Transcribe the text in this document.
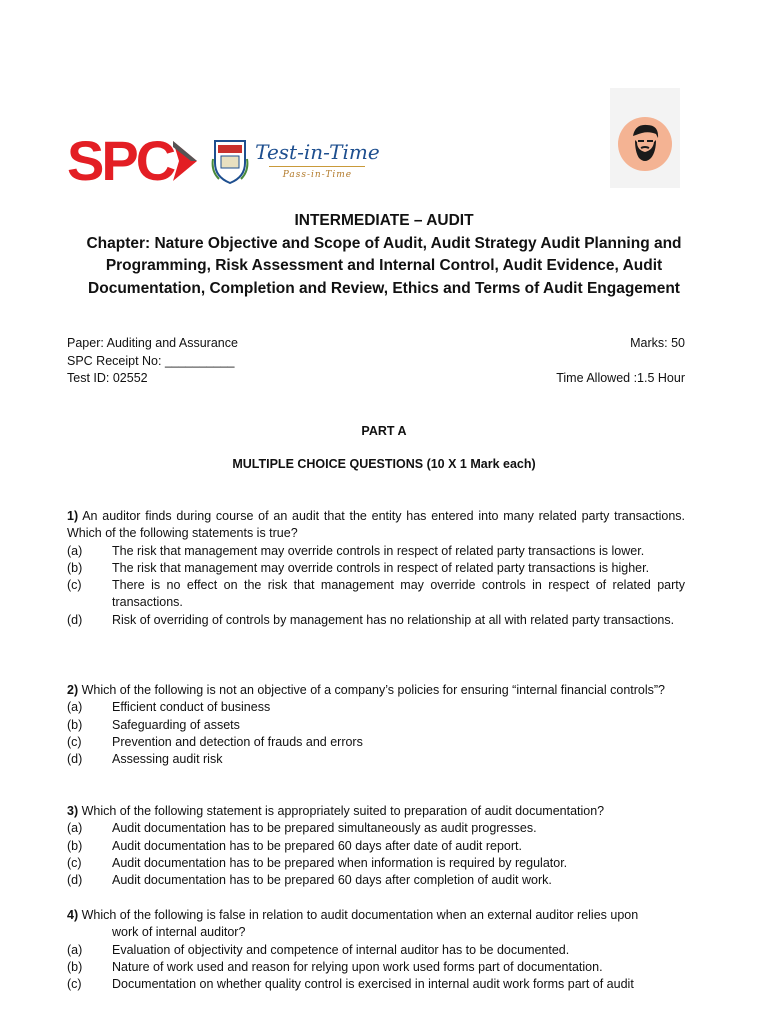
SPC	Test-in-Time
Pass-in-Time
INTERMEDIATE – AUDIT
Chapter: Nature Objective and Scope of Audit, Audit Strategy Audit Planning and Programming, Risk Assessment and Internal Control, Audit Evidence, Audit Documentation, Completion and Review, Ethics and Terms of Audit Engagement
Paper: Auditing and Assurance	Marks: 50
SPC Receipt No: __________
Test ID: 02552	Time Allowed :1.5 Hour
PART A
MULTIPLE CHOICE QUESTIONS (10 X 1 Mark each)
1) An auditor finds during course of an audit that the entity has entered into many related party transactions. Which of the following statements is true?
(a)	The risk that management may override controls in respect of related party transactions is lower.
(b)	The risk that management may override controls in respect of related party transactions is higher.
(c)	There is no effect on the risk that management may override controls in respect of related party transactions.
(d)	Risk of overriding of controls by management has no relationship at all with related party transactions.
2) Which of the following is not an objective of a company’s policies for ensuring “internal financial controls”?
(a)	Efficient conduct of business
(b)	Safeguarding of assets
(c)	Prevention and detection of frauds and errors
(d)	Assessing audit risk
3) Which of the following statement is appropriately suited to preparation of audit documentation?
(a)	Audit documentation has to be prepared simultaneously as audit progresses.
(b)	Audit documentation has to be prepared 60 days after date of audit report.
(c)	Audit documentation has to be prepared when information is required by regulator.
(d)	Audit documentation has to be prepared 60 days after completion of audit work.
4) Which of the following is false in relation to audit documentation when an external auditor relies upon
work of internal auditor?
(a)	Evaluation of objectivity and competence of internal auditor has to be documented.
(b)	Nature of work used and reason for relying upon work used forms part of documentation.
(c)	Documentation on whether quality control is exercised in internal audit work forms part of audit
